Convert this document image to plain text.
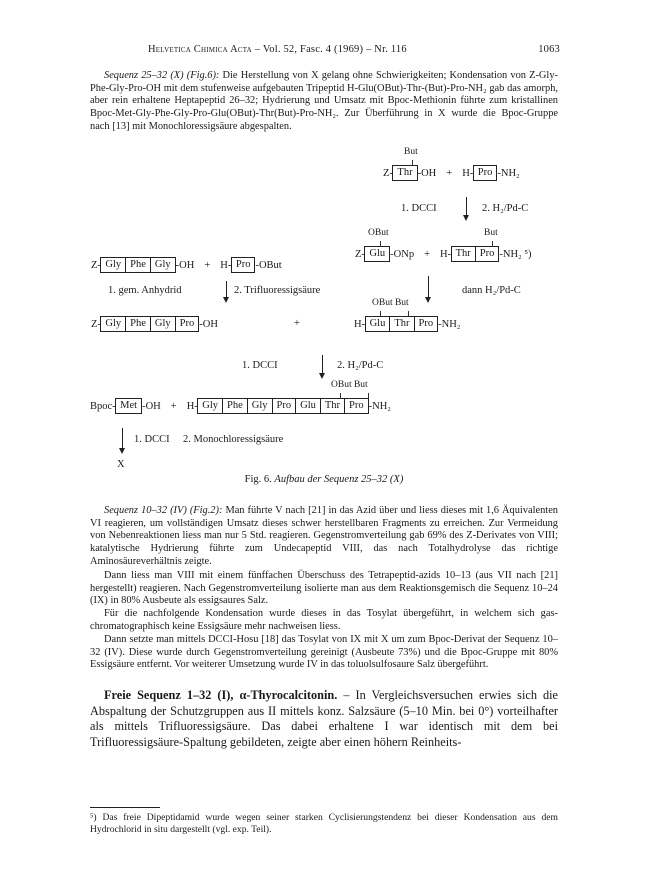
Helvetica Chimica Acta – Vol. 52, Fasc. 4 (1969) – Nr. 116	1063

Sequenz 25–32 (X) (Fig.6): Die Herstellung von X gelang ohne Schwierigkeiten; Kondensation von Z-Gly-Phe-Gly-Pro-OH mit dem stufenweise aufgebauten Tripeptid H-Glu(OBut)-Thr-(But)-Pro-NH₂ gab das amorph, aber rein erhaltene Heptapeptid 26–32; Hydrierung und Umsatz mit Bpoc-Methionin führte zum kristallinen Bpoc-Met-Gly-Phe-Gly-Pro-Glu(OBut)-Thr(But)-Pro-NH₂. Zur Überführung in X wurde die Bpoc-Gruppe nach [13] mit Monochloressigsäure abgespalten.

But
Z - Thr -OH + H - Pro -NH₂
1. DCCI	2. H₂/Pd-C
Z - Gly Phe Gly -OH + H - Pro -OBut
OBut	But
Z - Glu -ONp + H - Thr Pro -NH₂ ⁵)
1. gem. Anhydrid	2. Trifluoressigsäure	dann H₂/Pd-C
Z - Gly Phe Gly Pro -OH	+
OBut But
H - Glu Thr Pro -NH₂
1. DCCI	2. H₂/Pd-C
OBut But
Bpoc - Met -OH + H - Gly Phe Gly Pro Glu Thr Pro -NH₂
1. DCCI 2. Monochloressigsäure
X
Fig. 6. Aufbau der Sequenz 25–32 (X)

Sequenz 10–32 (IV) (Fig.2): Man führte V nach [21] in das Azid über und liess dieses mit 1,6 Äquivalenten VI reagieren, um vollständigen Umsatz dieses schwer herstellbaren Fragments zu erreichen. Zur Vermeidung von Nebenreaktionen liess man nur 5 Std. reagieren. Gegenstromverteilung gab 69% des Z-Derivates von VIII; katalytische Hydrierung führte zum Undecapeptid VIII, das nach Totalhydrolyse das richtige Aminosäureverhältnis zeigte.

Dann liess man VIII mit einem fünffachen Überschuss des Tetrapeptid-azids 10–13 (aus VII nach [21] hergestellt) reagieren. Nach Gegenstromverteilung isolierte man aus dem Reaktionsgemisch die Sequenz 10–24 (IX) in 80% Ausbeute als essigsaures Salz.

Für die nachfolgende Kondensation wurde dieses in das Tosylat übergeführt, in welchem sich gas-chromatographisch keine Essigsäure mehr nachweisen liess.

Dann setzte man mittels DCCI-Hosu [18] das Tosylat von IX mit X um zum Bpoc-Derivat der Sequenz 10–32 (IV). Diese wurde durch Gegenstromverteilung gereinigt (Ausbeute 73%) und die Bpoc-Gruppe mit 80% Essigsäure entfernt. Vor weiterer Umsetzung wurde IV in das toluolsulfosaure Salz übergeführt.

Freie Sequenz 1–32 (I), α-Thyrocalcitonin. – In Vergleichsversuchen erwies sich die Abspaltung der Schutzgruppen aus II mittels konz. Salzsäure (5–10 Min. bei 0°) vorteilhafter als mittels Trifluoressigsäure. Das dabei erhaltene I war identisch mit dem bei Trifluoressigsäure-Spaltung gebildeten, zeigte aber einen höhern Reinheits-

⁵) Das freie Dipeptidamid wurde wegen seiner starken Cyclisierungstendenz bei dieser Kondensation aus dem Hydrochlorid in situ dargestellt (vgl. exp. Teil).
